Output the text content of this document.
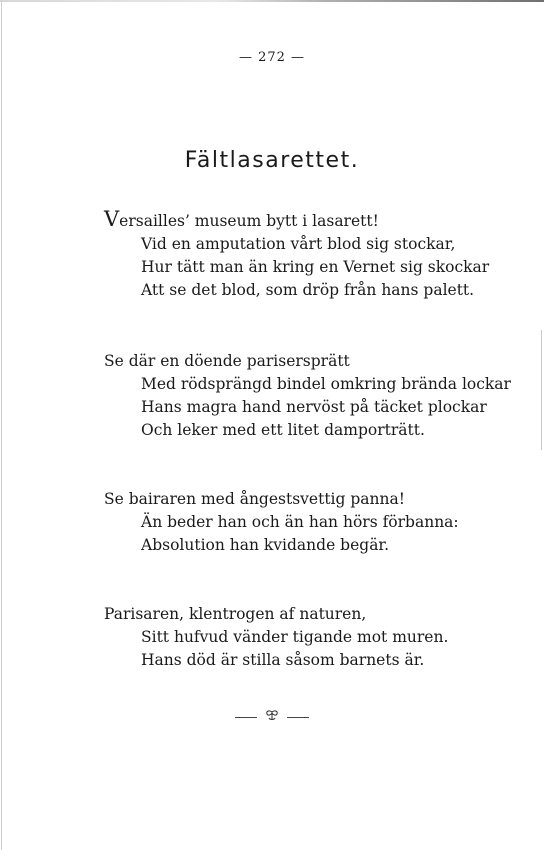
— 272 —
Fältlasarettet.
Versailles’ museum bytt i lasarett!
Vid en amputation vårt blod sig stockar,
Hur tätt man än kring en Vernet sig skockar
Att se det blod, som dröp från hans palett.
Se där en döende parisersprätt
Med rödsprängd bindel omkring brända lockar
Hans magra hand nervöst på täcket plockar
Och leker med ett litet damporträtt.
Se bairaren med ångestsvettig panna!
Än beder han och än han hörs förbanna:
Absolution han kvidande begär.
Parisaren, klentrogen af naturen,
Sitt hufvud vänder tigande mot muren.
Hans död är stilla såsom barnets är.
